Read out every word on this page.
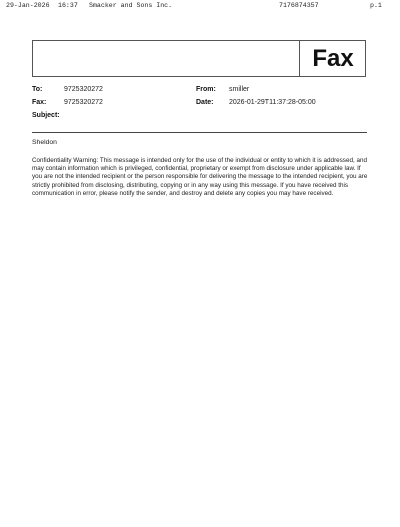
29-Jan-2026 16:37 Smacker and Sons Inc.	7176874357	p.1
Fax
To:	9725320272	From: smiller
Fax:	9725320272	Date: 2026-01-29T11:37:28-05:00
Subject:
Sheldon
Confidentiality Warning: This message is intended only for the use of the individual or entity to which it is addressed, and may contain information which is privileged, confidential, proprietary or exempt from disclosure under applicable law. If you are not the intended recipient or the person responsible for delivering the message to the intended recipient, you are strictly prohibited from disclosing, distributing, copying or in any way using this message. If you have received this communication in error, please notify the sender, and destroy and delete any copies you may have received.
